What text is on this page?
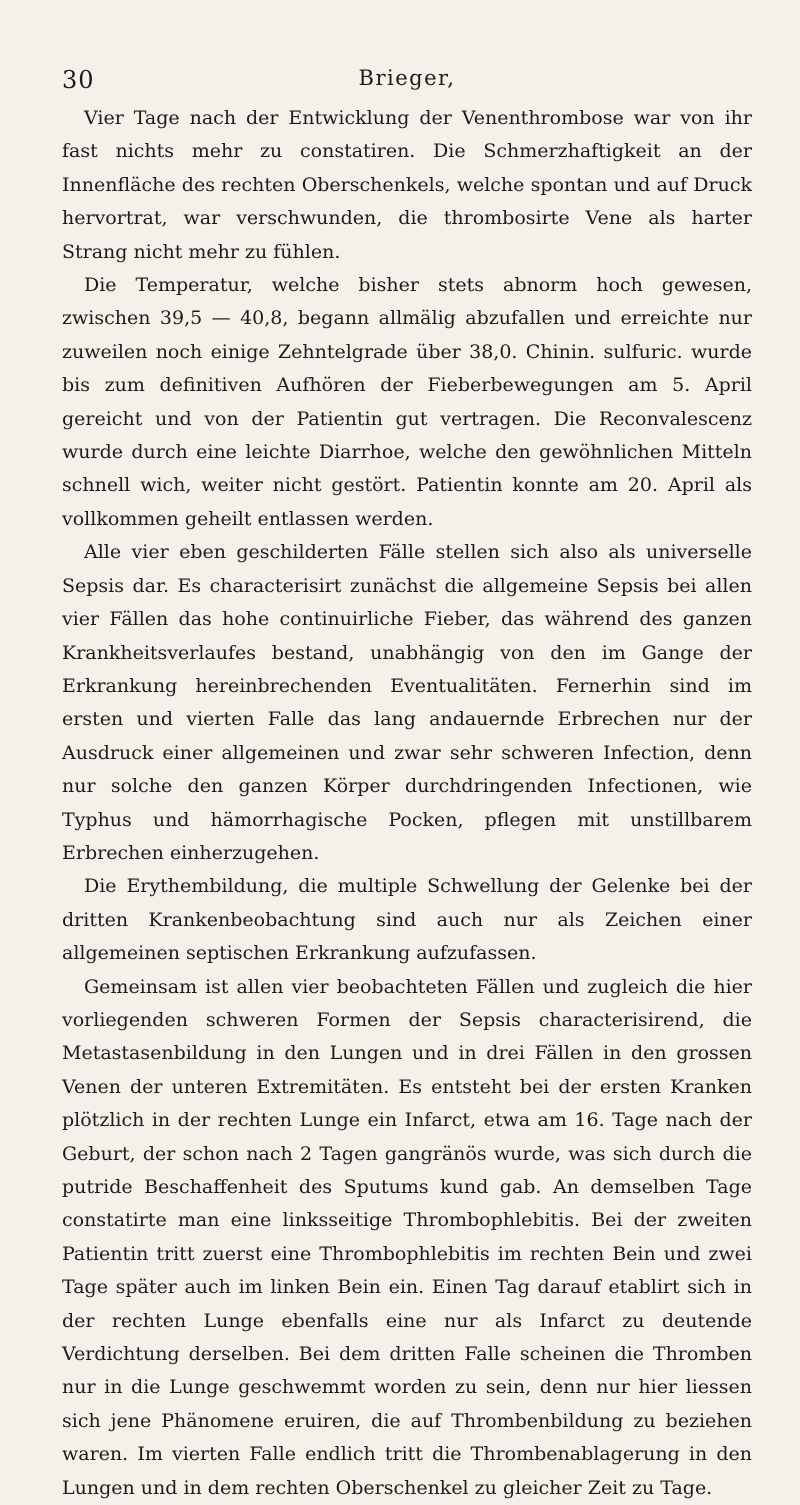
30	Brieger,

Vier Tage nach der Entwicklung der Venenthrombose war von ihr fast nichts mehr zu constatiren. Die Schmerzhaftigkeit an der Innenfläche des rechten Oberschenkels, welche spontan und auf Druck hervortrat, war verschwunden, die thrombosirte Vene als harter Strang nicht mehr zu fühlen.

Die Temperatur, welche bisher stets abnorm hoch gewesen, zwischen 39,5 — 40,8, begann allmälig abzufallen und erreichte nur zuweilen noch einige Zehntelgrade über 38,0. Chinin. sulfuric. wurde bis zum definitiven Aufhören der Fieberbewegungen am 5. April gereicht und von der Patientin gut vertragen. Die Reconvalescenz wurde durch eine leichte Diarrhoe, welche den gewöhnlichen Mitteln schnell wich, weiter nicht gestört. Patientin konnte am 20. April als vollkommen geheilt entlassen werden.

Alle vier eben geschilderten Fälle stellen sich also als universelle Sepsis dar. Es characterisirt zunächst die allgemeine Sepsis bei allen vier Fällen das hohe continuirliche Fieber, das während des ganzen Krankheitsverlaufes bestand, unabhängig von den im Gange der Erkrankung hereinbrechenden Eventualitäten. Fernerhin sind im ersten und vierten Falle das lang andauernde Erbrechen nur der Ausdruck einer allgemeinen und zwar sehr schweren Infection, denn nur solche den ganzen Körper durchdringenden Infectionen, wie Typhus und hämorrhagische Pocken, pflegen mit unstillbarem Erbrechen einherzugehen.

Die Erythembildung, die multiple Schwellung der Gelenke bei der dritten Krankenbeobachtung sind auch nur als Zeichen einer allgemeinen septischen Erkrankung aufzufassen.

Gemeinsam ist allen vier beobachteten Fällen und zugleich die hier vorliegenden schweren Formen der Sepsis characterisirend, die Metastasenbildung in den Lungen und in drei Fällen in den grossen Venen der unteren Extremitäten. Es entsteht bei der ersten Kranken plötzlich in der rechten Lunge ein Infarct, etwa am 16. Tage nach der Geburt, der schon nach 2 Tagen gangränös wurde, was sich durch die putride Beschaffenheit des Sputums kund gab. An demselben Tage constatirte man eine linksseitige Thrombophlebitis. Bei der zweiten Patientin tritt zuerst eine Thrombophlebitis im rechten Bein und zwei Tage später auch im linken Bein ein. Einen Tag darauf etablirt sich in der rechten Lunge ebenfalls eine nur als Infarct zu deutende Verdichtung derselben. Bei dem dritten Falle scheinen die Thromben nur in die Lunge geschwemmt worden zu sein, denn nur hier liessen sich jene Phänomene eruiren, die auf Thrombenbildung zu beziehen waren. Im vierten Falle endlich tritt die Thrombenablagerung in den Lungen und in dem rechten Oberschenkel zu gleicher Zeit zu Tage.
